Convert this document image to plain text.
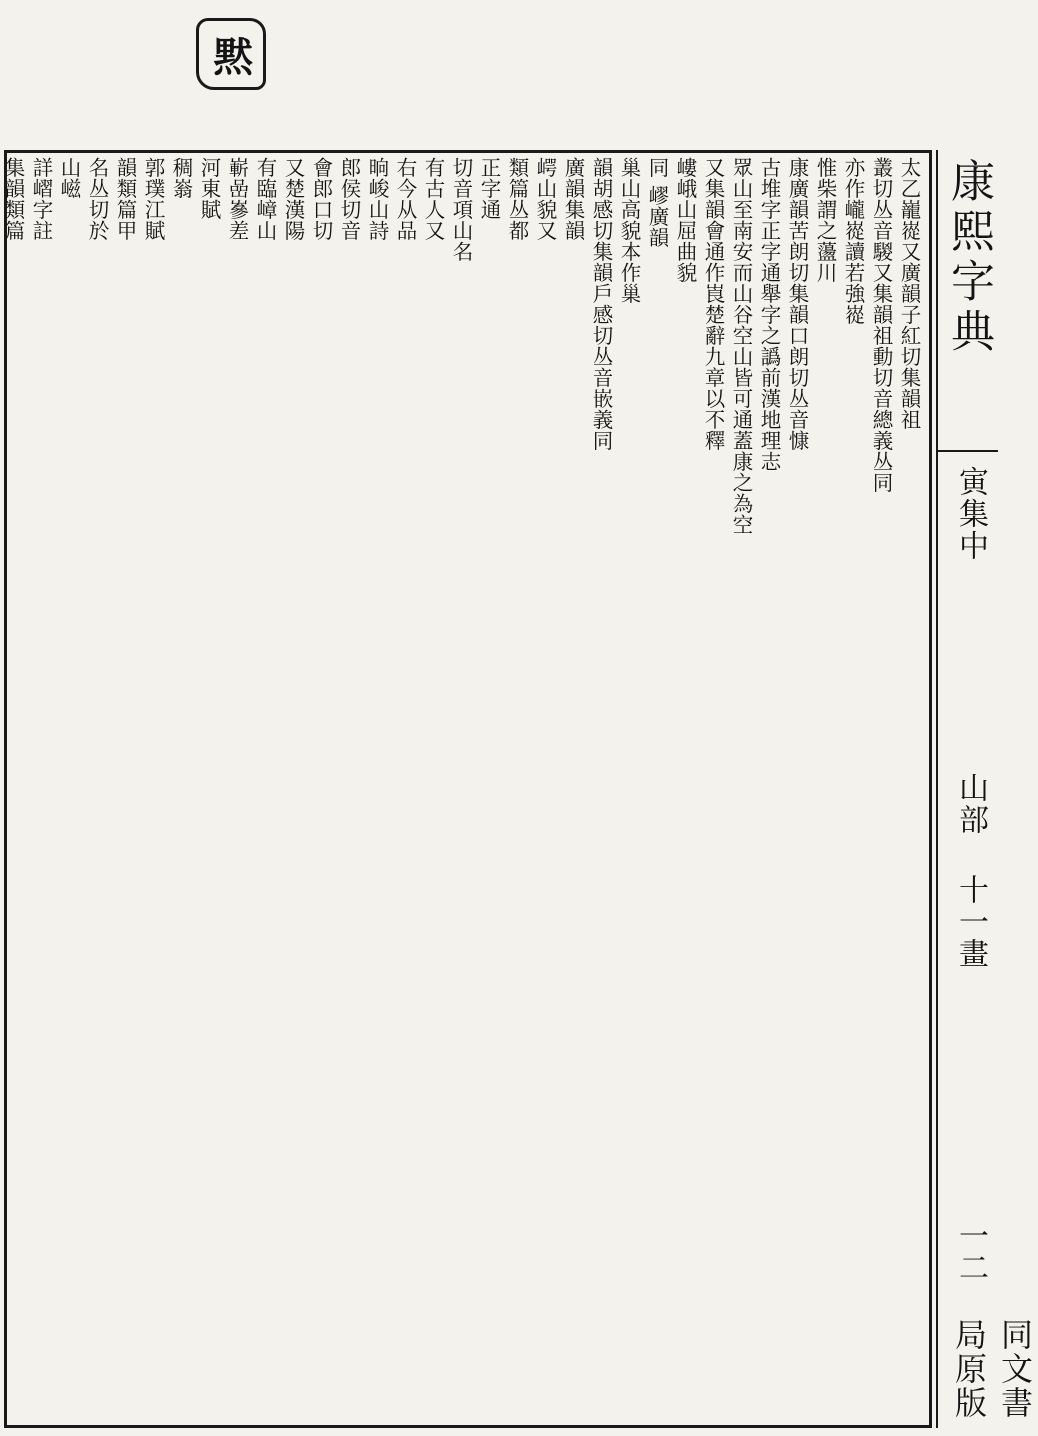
黙
太乙巃嵸又廣韻子紅切集韻祖
叢切丛音騣又集韻祖動切音總義丛同
亦作巄嵸讀若強嵸
惟柴謂之蘯川
康廣韻苦朗切集韻口朗切丛音慷
古堆字正字通舉字之譌前漢地理志
眾山至南安而山谷空山皆可通蓋康之為空
又集韻會通作崀楚辭九章以不釋
嶁峨山屈曲貌
同 嵺廣韻
巢山高貌本作巢
韻胡感切集韻戶感切丛音嵌義同
廣韻集韻
崿山貌又
類篇丛都
正字通
切音項山名
有古人又
右今从品
晌峻山詩
郎侯切音
會郎口切
又楚漢陽
有臨嶂山
嶄嵒嵾差
河東賦
稠嵡
郭璞江賦
韻類篇甲
名丛切於
山嵫
詳嶍字註
集韻類篇	康熙字典
寅集中
山部
十一畫
一二
同文書局原版
